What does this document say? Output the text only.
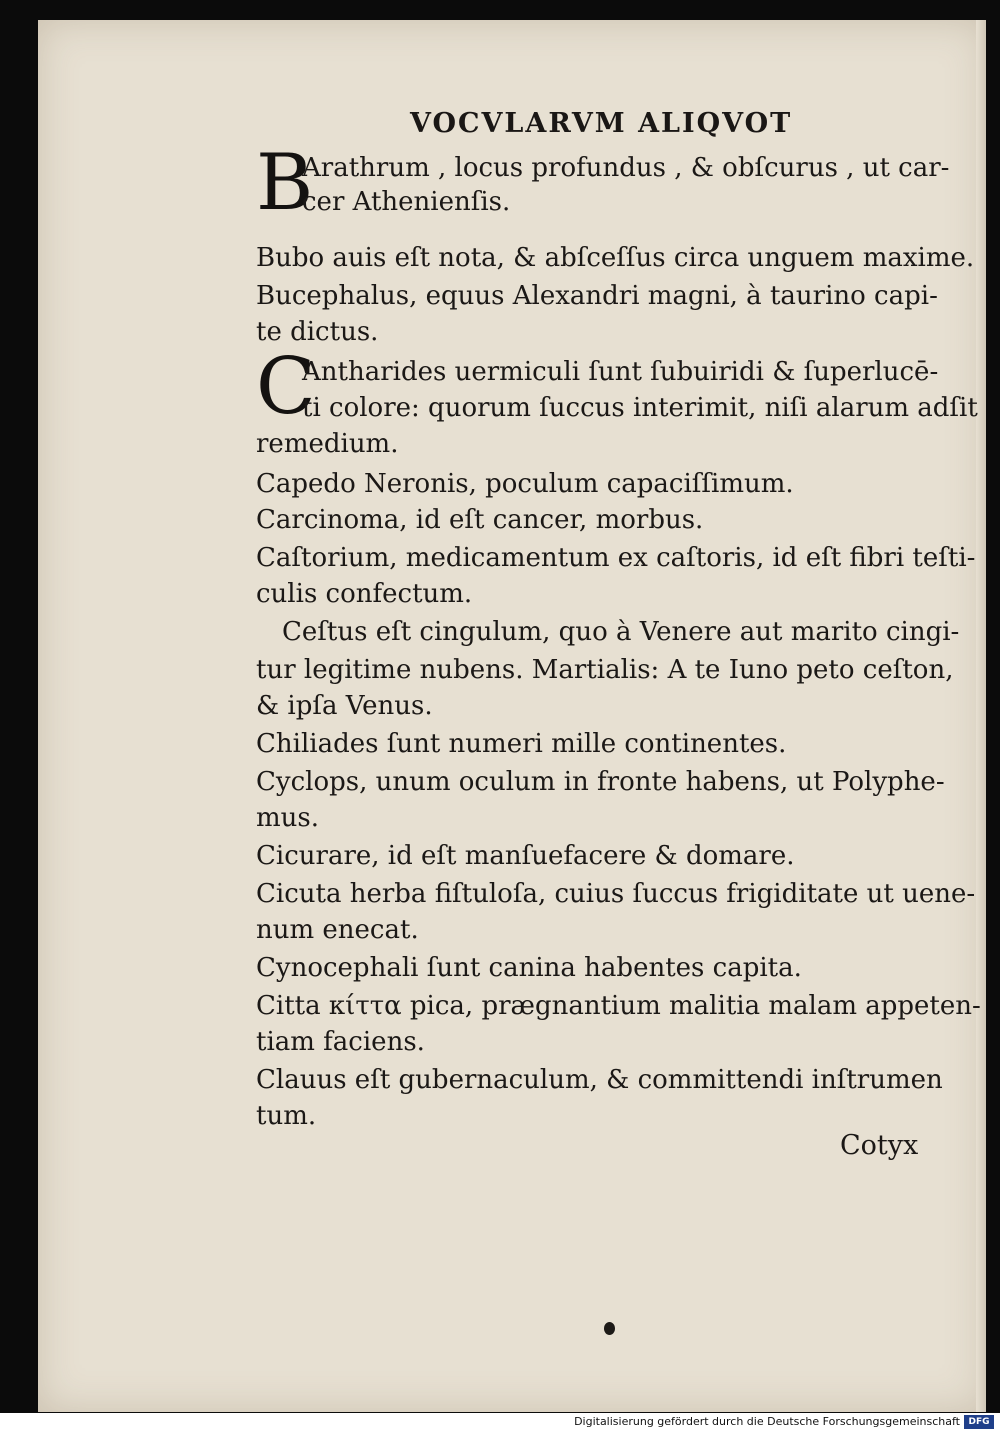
VOCVLARVM ALIQVOT
B
Arathrum , locus profundus , & obſcurus , ut car-
cer Athenienſis.
Bubo auis eſt nota, & abſceſſus circa unguem maxime.
Bucephalus, equus Alexandri magni, à taurino capi-
te dictus.
C
Antharides uermiculi ſunt ſubuiridi & ſuperlucē-
ti colore: quorum ſuccus interimit, niſi alarum adſit
remedium.
Capedo Neronis, poculum capaciſſimum.
Carcinoma, id eſt cancer, morbus.
Caſtorium, medicamentum ex caſtoris, id eſt fibri teſti-
culis confectum.
Ceſtus eſt cingulum, quo à Venere aut marito cingi-
tur legitime nubens. Martialis: A te Iuno peto ceſton,
& ipſa Venus.
Chiliades ſunt numeri mille continentes.
Cyclops, unum oculum in fronte habens, ut Polyphe-
mus.
Cicurare, id eſt manſuefacere & domare.
Cicuta herba fiſtuloſa, cuius ſuccus frigiditate ut uene-
num enecat.
Cynocephali ſunt canina habentes capita.
Citta κίττα pica, prægnantium malitia malam appeten-
tiam faciens.
Clauus eſt gubernaculum, & committendi inſtrumen
tum.
Cotyx
Digitalisierung gefördert durch die Deutsche Forschungsgemeinschaft DFG
